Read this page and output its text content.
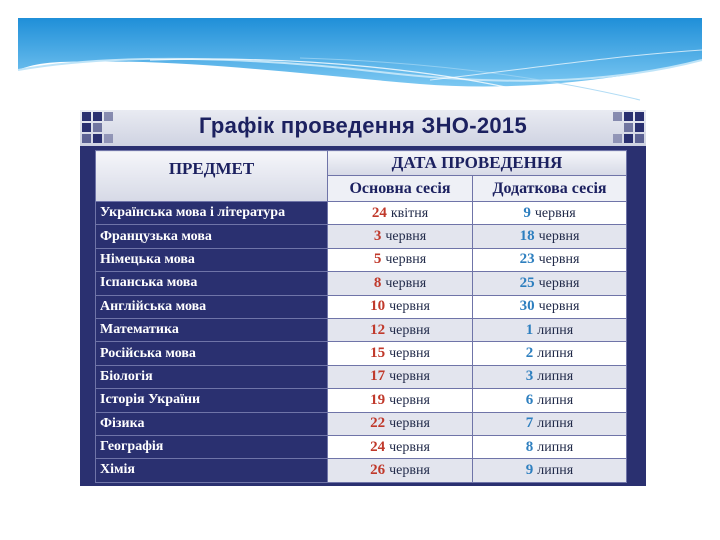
Графік проведення ЗНО-2015
ПРЕДМЕТ	ДАТА ПРОВЕДЕННЯ	
	Основна сесія	Додаткова сесія
Українська мова і література	24 квітня	9 червня
Французька мова	3 червня	18 червня
Німецька мова	5 червня	23 червня
Іспанська мова	8 червня	25 червня
Англійська мова	10 червня	30 червня
Математика	12 червня	1 липня
Російська мова	15 червня	2 липня
Біологія	17 червня	3 липня
Історія України	19 червня	6 липня
Фізика	22 червня	7 липня
Географія	24 червня	8 липня
Хімія	26 червня	9 липня
